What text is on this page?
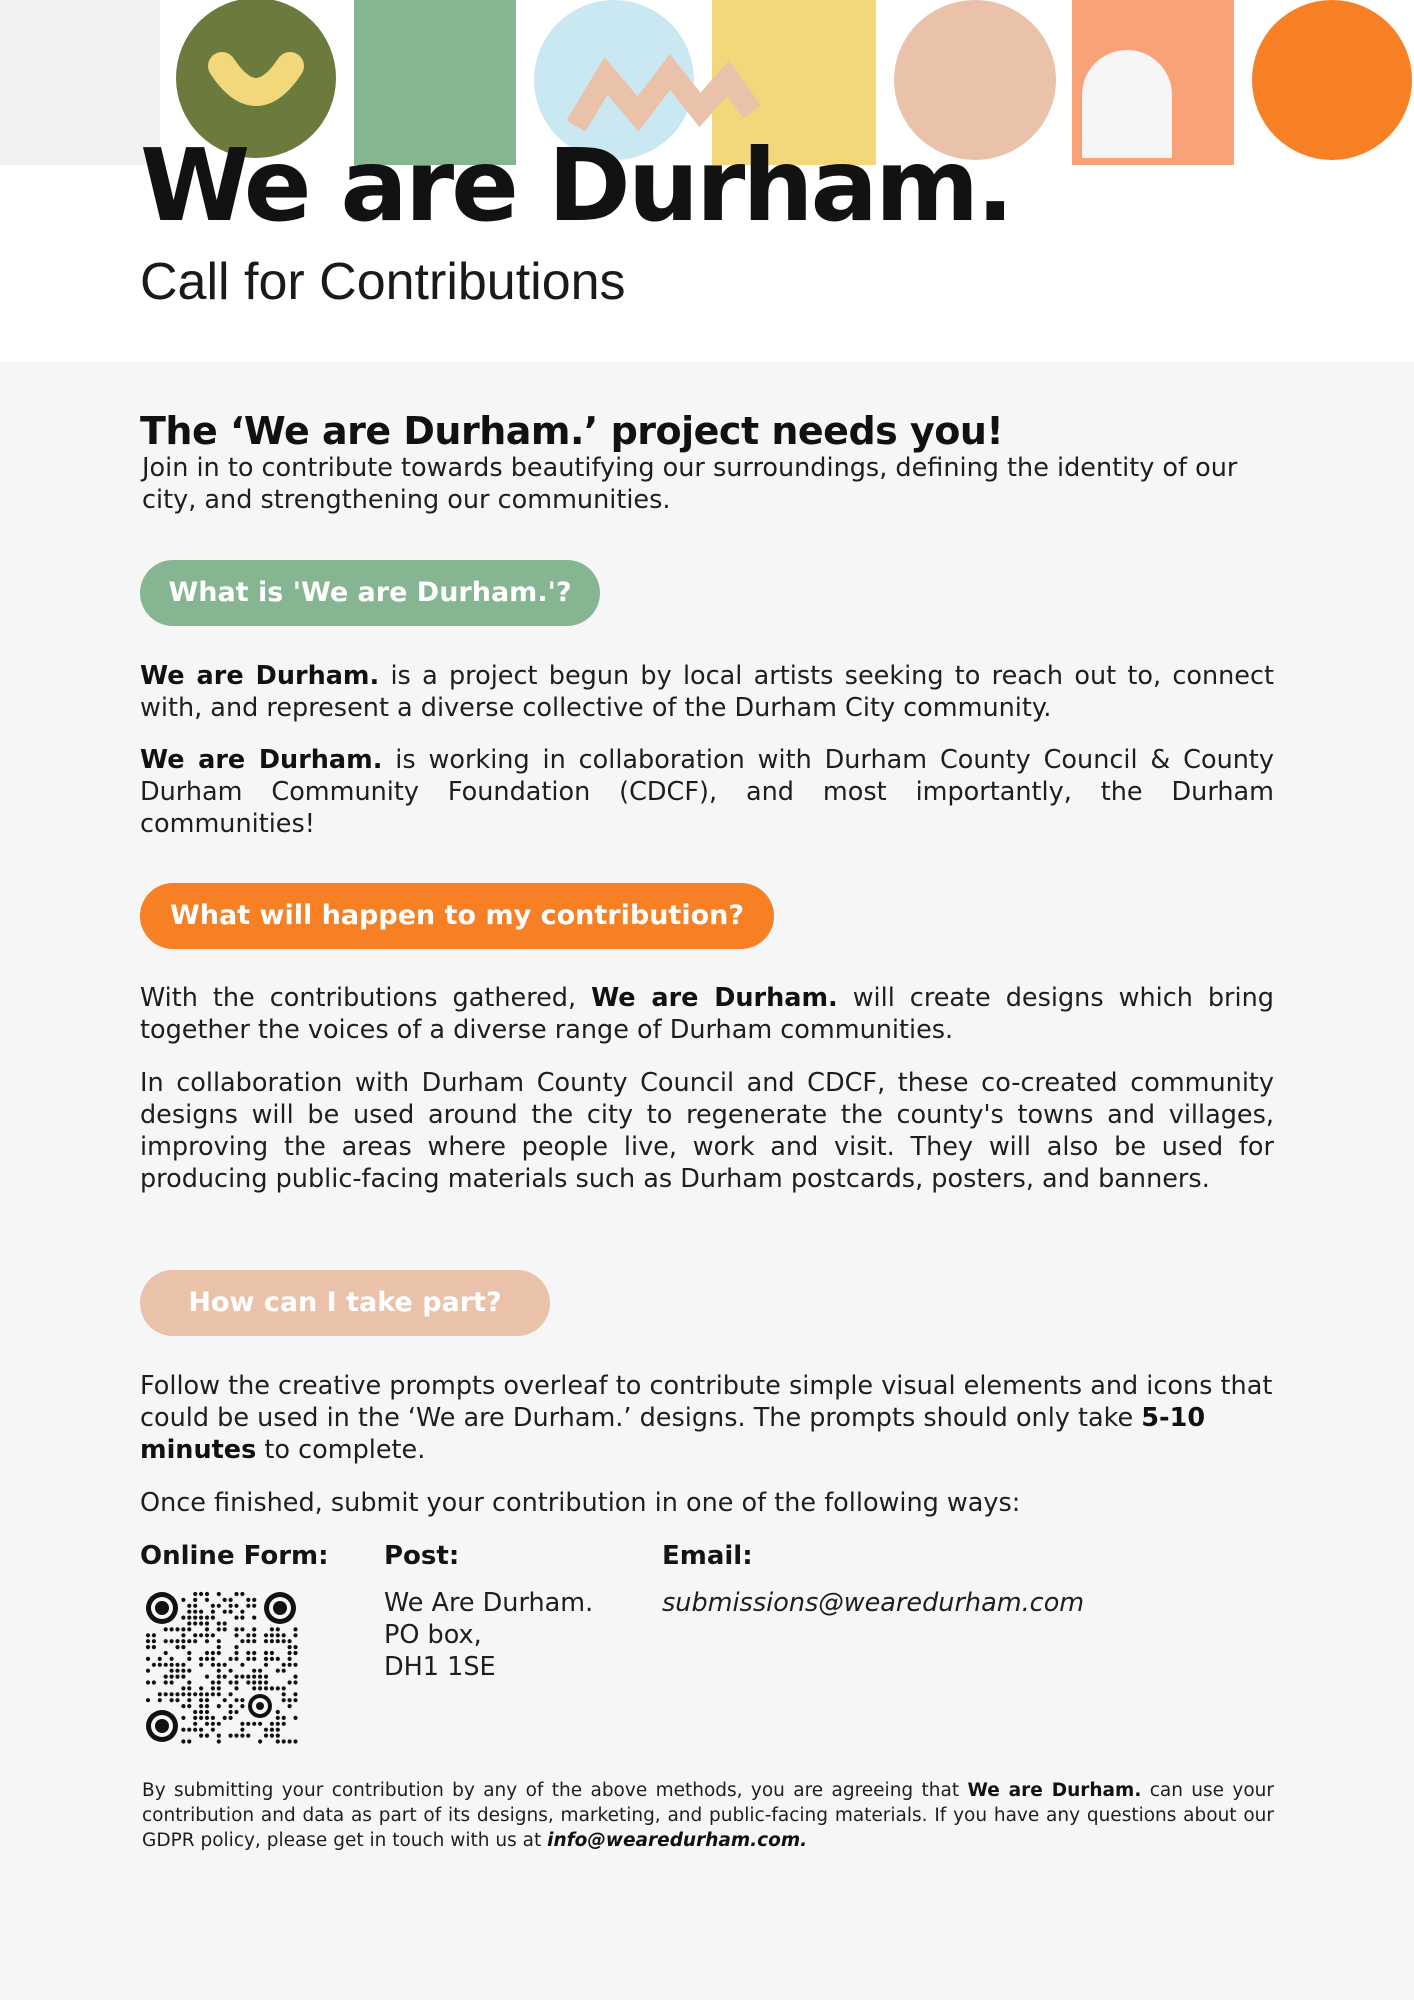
We are Durham.
Call for Contributions
The ‘We are Durham.’ project needs you!
Join in to contribute towards beautifying our surroundings, defining the identity of our city, and strengthening our communities.
What is 'We are Durham.'?

We are Durham. is a project begun by local artists seeking to reach out to, connect with, and represent a diverse collective of the Durham City community.

We are Durham. is working in collaboration with Durham County Council & County Durham Community Foundation (CDCF), and most importantly, the Durham communities!

What will happen to my contribution?

With the contributions gathered, We are Durham. will create designs which bring together the voices of a diverse range of Durham communities.

In collaboration with Durham County Council and CDCF, these co-created community designs will be used around the city to regenerate the county's towns and villages, improving the areas where people live, work and visit. They will also be used for producing public-facing materials such as Durham postcards, posters, and banners.

How can I take part?

Follow the creative prompts overleaf to contribute simple visual elements and icons that could be used in the ‘We are Durham.’ designs. The prompts should only take 5-10 minutes to complete.

Once finished, submit your contribution in one of the following ways:

Online Form: Post:	Email:
We Are Durham.
PO box,
DH1 1SE
submissions@wearedurham.com

By submitting your contribution by any of the above methods, you are agreeing that We are Durham. can use your contribution and data as part of its designs, marketing, and public-facing materials. If you have any questions about our GDPR policy, please get in touch with us at info@wearedurham.com.
